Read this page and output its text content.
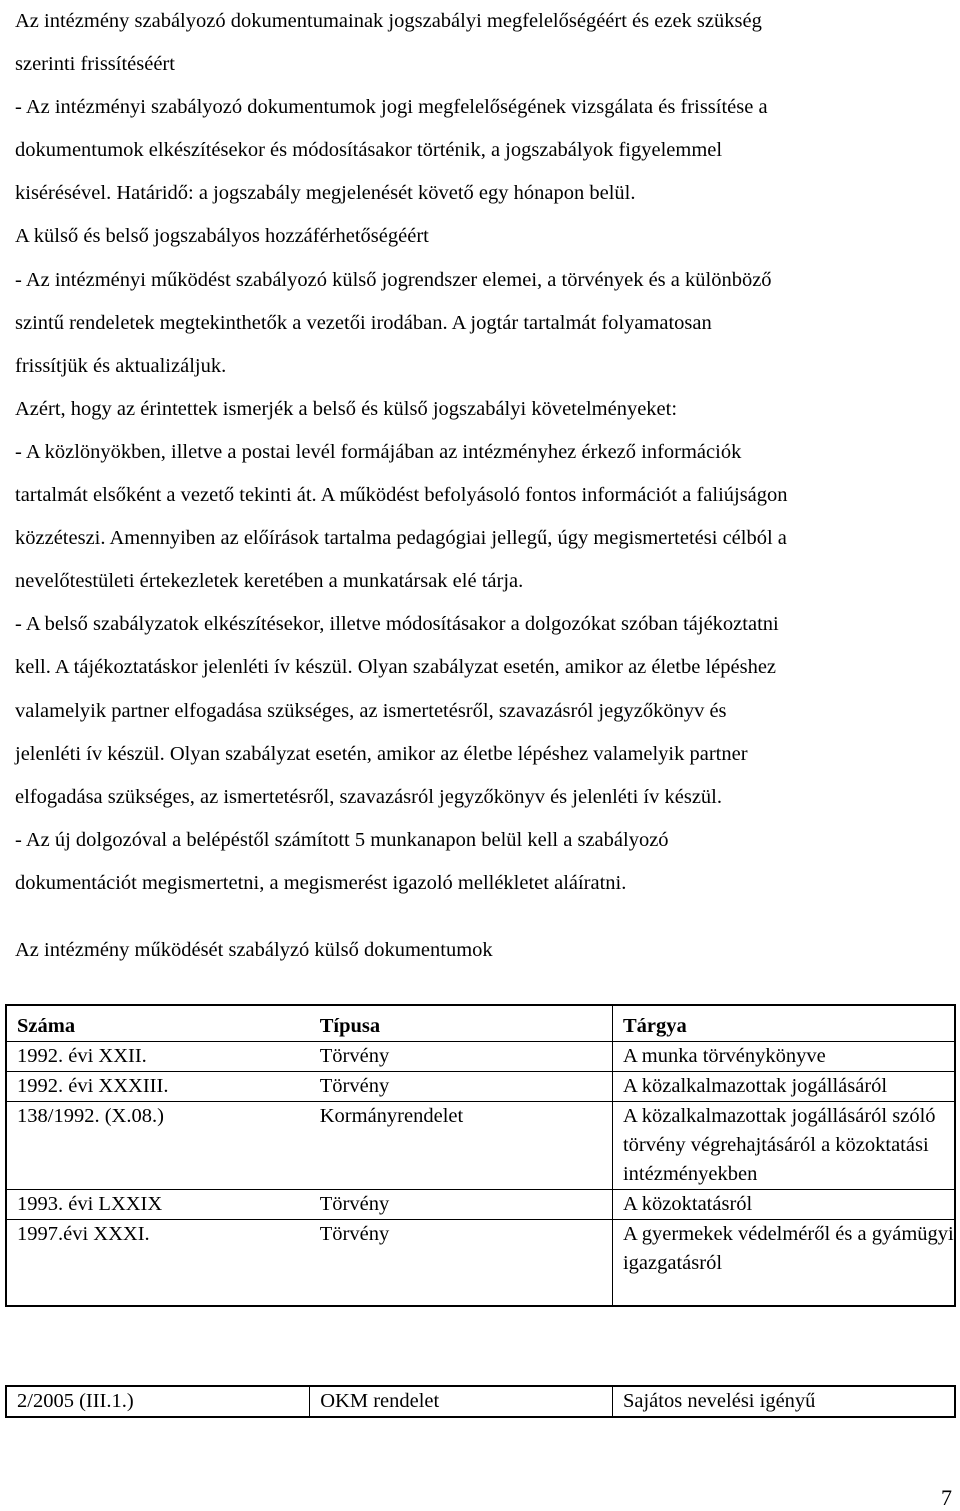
Az intézmény szabályozó dokumentumainak jogszabályi megfelelőségéért és ezek szükség
szerinti frissítéséért
- Az intézményi szabályozó dokumentumok jogi megfelelőségének vizsgálata és frissítése a
dokumentumok elkészítésekor és módosításakor történik, a jogszabályok figyelemmel
kisérésével. Határidő: a jogszabály megjelenését követő egy hónapon belül.
A külső és belső jogszabályos hozzáférhetőségéért
- Az intézményi működést szabályozó külső jogrendszer elemei, a törvények és a különböző
szintű rendeletek megtekinthetők a vezetői irodában. A jogtár tartalmát folyamatosan
frissítjük és aktualizáljuk.
Azért, hogy az érintettek ismerjék a belső és külső jogszabályi követelményeket:
- A közlönyökben, illetve a postai levél formájában az intézményhez érkező információk
tartalmát elsőként a vezető tekinti át. A működést befolyásoló fontos információt a faliújságon
közzéteszi. Amennyiben az előírások tartalma pedagógiai jellegű, úgy megismertetési célból a
nevelőtestületi értekezletek keretében a munkatársak elé tárja.
- A belső szabályzatok elkészítésekor, illetve módosításakor a dolgozókat szóban tájékoztatni
kell. A tájékoztatáskor jelenléti ív készül. Olyan szabályzat esetén, amikor az életbe lépéshez
valamelyik partner elfogadása szükséges, az ismertetésről, szavazásról jegyzőkönyv és
jelenléti ív készül. Olyan szabályzat esetén, amikor az életbe lépéshez valamelyik partner
elfogadása szükséges, az ismertetésről, szavazásról jegyzőkönyv és jelenléti ív készül.
- Az új dolgozóval a belépéstől számított 5 munkanapon belül kell a szabályozó
dokumentációt megismertetni, a megismerést igazoló mellékletet aláíratni.
Az intézmény működését szabályzó külső dokumentumok
Száma	Típusa	Tárgya
1992. évi XXII.	Törvény	A munka törvénykönyve
1992. évi XXXIII.	Törvény	A közalkalmazottak jogállásáról
138/1992. (X.08.)	Kormányrendelet	A közalkalmazottak jogállásáról szóló törvény végrehajtásáról a közoktatási intézményekben
1993. évi LXXIX	Törvény	A közoktatásról
1997.évi XXXI.	Törvény	A gyermekek védelméről és a gyámügyi igazgatásról
2/2005 (III.1.)	OKM rendelet	Sajátos nevelési igényű
7
